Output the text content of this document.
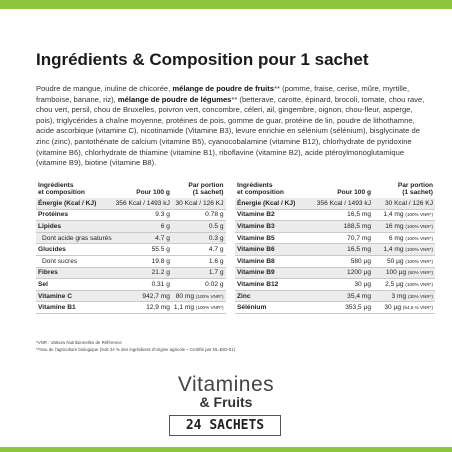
Ingrédients & Composition pour 1 sachet

Poudre de mangue, inuline de chicorée, mélange de poudre de fruits** (pomme, fraise, cerise, mûre, myrtille, framboise, banane, riz), mélange de poudre de légumes** (betterave, carotte, épinard, brocoli, tomate, chou rave, chou vert, persil, chou de Bruxelles, poivron vert, concombre, céleri, ail, gingembre, oignon, chou-fleur, asperge, pois), triglycérides à chaîne moyenne, protéines de pois, gomme de guar, protéine de lin, poudre de lithothamne, acide ascorbique (vitamine C), nicotinamide (Vitamine B3), levure enrichie en sélénium (sélénium), bisglycinate de zinc (zinc), pantothénate de calcium (vitamine B5), cyanocobalamine (vitamine B12), chlorhydrate de pyridoxine (vitamine B6), chlorhydrate de thiamine (vitamine B1), riboflavine (vitamine B2), acide ptéroylmonoglutamique (vitamine B9), biotine (vitamine B8).

Ingrédients
et composition	Pour 100 g	Par portion
(1 sachet)
Énergie (Kcal / KJ)	356 Kcal / 1493 kJ	30 Kcal / 126 KJ
Protéines	9.3 g	0.78 g
Lipides	6 g	0.5 g
Dont acide gras saturés	4.7 g	0.3 g
Glucides	55.5 g	4.7 g
Dont sucres	19.8 g	1.6 g
Fibres	21.2 g	1.7 g
Sel	0.31 g	0.02 g
Vitamine C	942,7 mg	80 mg (100% VNR*)
Vitamine B1	12,9 mg	1,1 mg (100% VNR*)
Ingrédients
et composition	Pour 100 g	Par portion
(1 sachet)
Énergie (Kcal / KJ)	356 Kcal / 1493 kJ	30 Kcal / 126 KJ
Vitamine B2	16,5 mg	1,4 mg (100% VNR*)
Vitamine B3	188,5 mg	16 mg (100% VNR*)
Vitamine B5	70,7 mg	6 mg (100% VNR*)
Vitamine B6	16,5 mg	1,4 mg (100% VNR*)
Vitamine B8	580 µg	50 µg (100% VNR*)
Vitamine B9	1200 µg	100 µg (50% VNR*)
Vitamine B12	30 µg	2,5 µg (100% VNR*)
Zinc	35,4 mg	3 mg (30% VNR*)
Sélénium	353,5 µg	30 µg (54,5 % VNR*)
*VNR : Valeurs Nutritionnelles de Référence
**Issu de l'agriculture biologique (Soit 24 % des ingrédients d'origine agricole – Certifié par NL-BIO-01)
Vitamines
& Fruits
24 SACHETS
